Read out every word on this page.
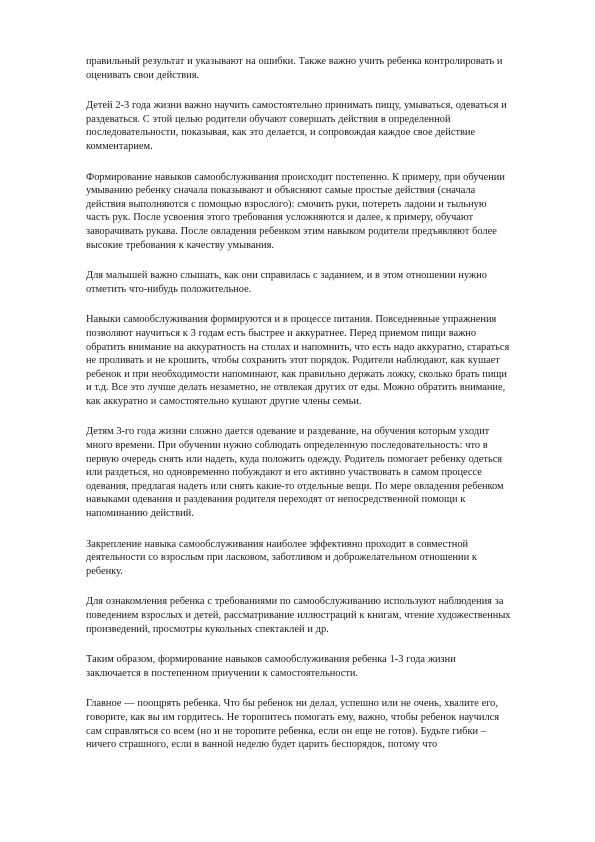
правильный результат и указывают на ошибки. Также важно учить ребенка контролировать и оценивать свои действия.

Детей 2-3 года жизни важно научить самостоятельно принимать пищу, умываться, одеваться и раздеваться. С этой целью родители обучают совершать действия в определенной последовательности, показывая, как это делается, и сопровождая каждое свое действие комментарием.

Формирование навыков самообслуживания происходит постепенно. К примеру, при обучении умыванию ребенку сначала показывают и объясняют самые простые действия (сначала действия выполняются с помощью взрослого): смочить руки, потереть ладони и тыльную часть рук. После усвоения этого требования усложняются и далее, к примеру, обучают заворачивать рукава. После овладения ребенком этим навыком родители предъявляют более высокие требования к качеству умывания.

Для малышей важно слышать, как они справилась с заданием, и в этом отношении нужно отметить что-нибудь положительное.

Навыки самообслуживания формируются и в процессе питания. Повседневные упражнения позволяют научиться к 3 годам есть быстрее и аккуратнее. Перед приемом пищи важно обратить внимание на аккуратность на столах и напомнить, что есть надо аккуратно, стараться не проливать и не крошить, чтобы сохранить этот порядок. Родители наблюдают, как кушает ребенок и при необходимости напоминают, как правильно держать ложку, сколько брать пищи и т.д. Все это лучше делать незаметно, не отвлекая других от еды. Можно обратить внимание, как аккуратно и самостоятельно кушают другие члены семьи.

Детям 3-го года жизни сложно дается одевание и раздевание, на обучения которым уходит много времени. При обучении нужно соблюдать определенную последовательность: что в первую очередь снять или надеть, куда положить одежду. Родитель помогает ребенку одеться или раздеться, но одновременно побуждают и его активно участвовать в самом процессе одевания, предлагая надеть или снять какие-то отдельные вещи. По мере овладения ребенком навыками одевания и раздевания родителя переходят от непосредственной помощи к напоминанию действий.

Закрепление навыка самообслуживания наиболее эффективно проходит в совместной деятельности со взрослым при ласковом, заботливом и доброжелательном отношении к ребенку.

Для ознакомления ребенка с требованиями по самообслуживанию используют наблюдения за поведением взрослых и детей, рассматривание иллюстраций к книгам, чтение художественных произведений, просмотры кукольных спектаклей и др.

Таким образом, формирование навыков самообслуживания ребенка 1-3 года жизни заключается в постепенном приучении к самостоятельности.

Главное — поощрять ребенка. Что бы ребенок ни делал, успешно или не очень, хвалите его, говорите, как вы им гордитесь. Не торопитесь помогать ему, важно, чтобы ребенок научился сам справляться со всем (но и не торопите ребенка, если он еще не готов). Будьте гибки – ничего страшного, если в ванной неделю будет царить беспорядок, потому что
